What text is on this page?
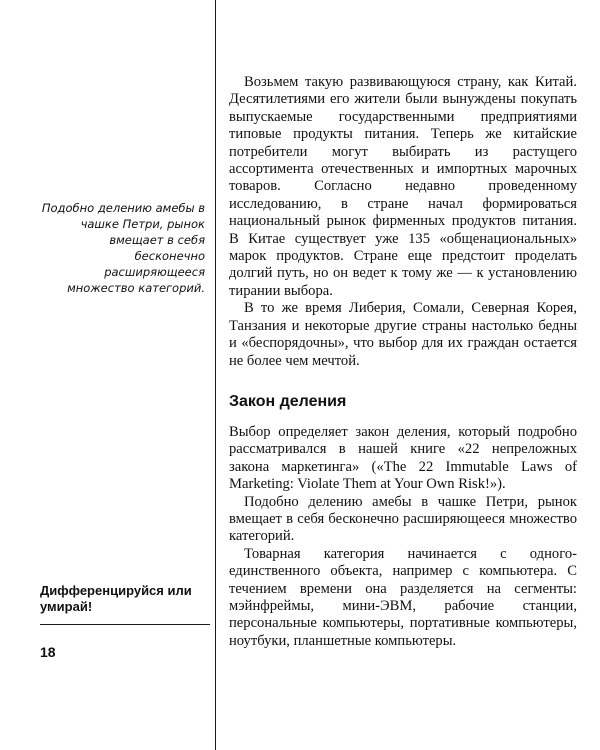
Подобно делению амебы в чашке Петри, рынок вмещает в себя бесконечно расширяющееся множество категорий.

Возьмем такую развивающуюся страну, как Китай. Десятилетиями его жители были вынуждены покупать выпускаемые государственными предприятиями типовые продукты питания. Теперь же китайские потребители могут выбирать из растущего ассортимента отечественных и импортных марочных товаров. Согласно недавно проведенному исследованию, в стране начал формироваться национальный рынок фирменных продуктов питания. В Китае существует уже 135 «общенациональных» марок продуктов. Стране еще предстоит проделать долгий путь, но он ведет к тому же — к установлению тирании выбора.

В то же время Либерия, Сомали, Северная Корея, Танзания и некоторые другие страны настолько бедны и «беспорядочны», что выбор для их граждан остается не более чем мечтой.

Закон деления

Выбор определяет закон деления, который подробно рассматривался в нашей книге «22 непреложных закона маркетинга» («The 22 Immutable Laws of Marketing: Violate Them at Your Own Risk!»).

Подобно делению амебы в чашке Петри, рынок вмещает в себя бесконечно расширяющееся множество категорий.

Товарная категория начинается с одного-единственного объекта, например с компьютера. С течением времени она разделяется на сегменты: мэйнфреймы, мини-ЭВМ, рабочие станции, персональные компьютеры, портативные компьютеры, ноутбуки, планшетные компьютеры.

Дифференцируйся или умирай!

18
